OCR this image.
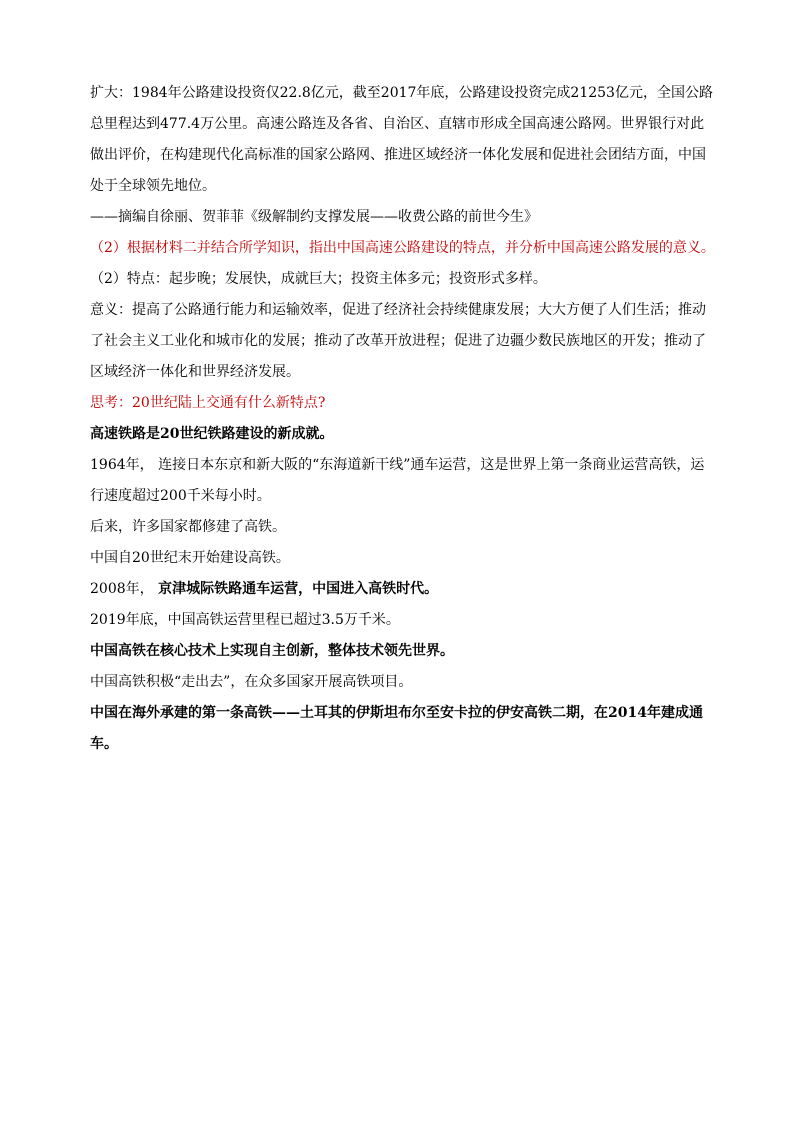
扩大：1984年公路建设投资仅22.8亿元，截至2017年底，公路建设投资完成21253亿元，全国公路总里程达到477.4万公里。高速公路连及各省、自治区、直辖市形成全国高速公路网。世界银行对此做出评价，在构建现代化高标准的国家公路网、推进区域经济一体化发展和促进社会团结方面，中国处于全球领先地位。

——摘编自徐丽、贺菲菲《级解制约支撑发展——收费公路的前世今生》

（2）根据材料二并结合所学知识，指出中国高速公路建设的特点，并分析中国高速公路发展的意义。

（2）特点：起步晚；发展快，成就巨大；投资主体多元；投资形式多样。

意义：提高了公路通行能力和运输效率，促进了经济社会持续健康发展；大大方便了人们生活；推动了社会主义工业化和城市化的发展；推动了改革开放进程；促进了边疆少数民族地区的开发；推动了区域经济一体化和世界经济发展。

思考：20世纪陆上交通有什么新特点?

高速铁路是20世纪铁路建设的新成就。

1964年， 连接日本东京和新大阪的“东海道新干线”通车运营，这是世界上第一条商业运营高铁，运行速度超过200千米每小时。

后来，许多国家都修建了高铁。

中国自20世纪末开始建设高铁。

2008年， 京津城际铁路通车运营，中国进入高铁时代。

2019年底，中国高铁运营里程已超过3.5万千米。

中国高铁在核心技术上实现自主创新，整体技术领先世界。

中国高铁积极“走出去”，在众多国家开展高铁项目。

中国在海外承建的第一条高铁——土耳其的伊斯坦布尔至安卡拉的伊安高铁二期，在2014年建成通车。
